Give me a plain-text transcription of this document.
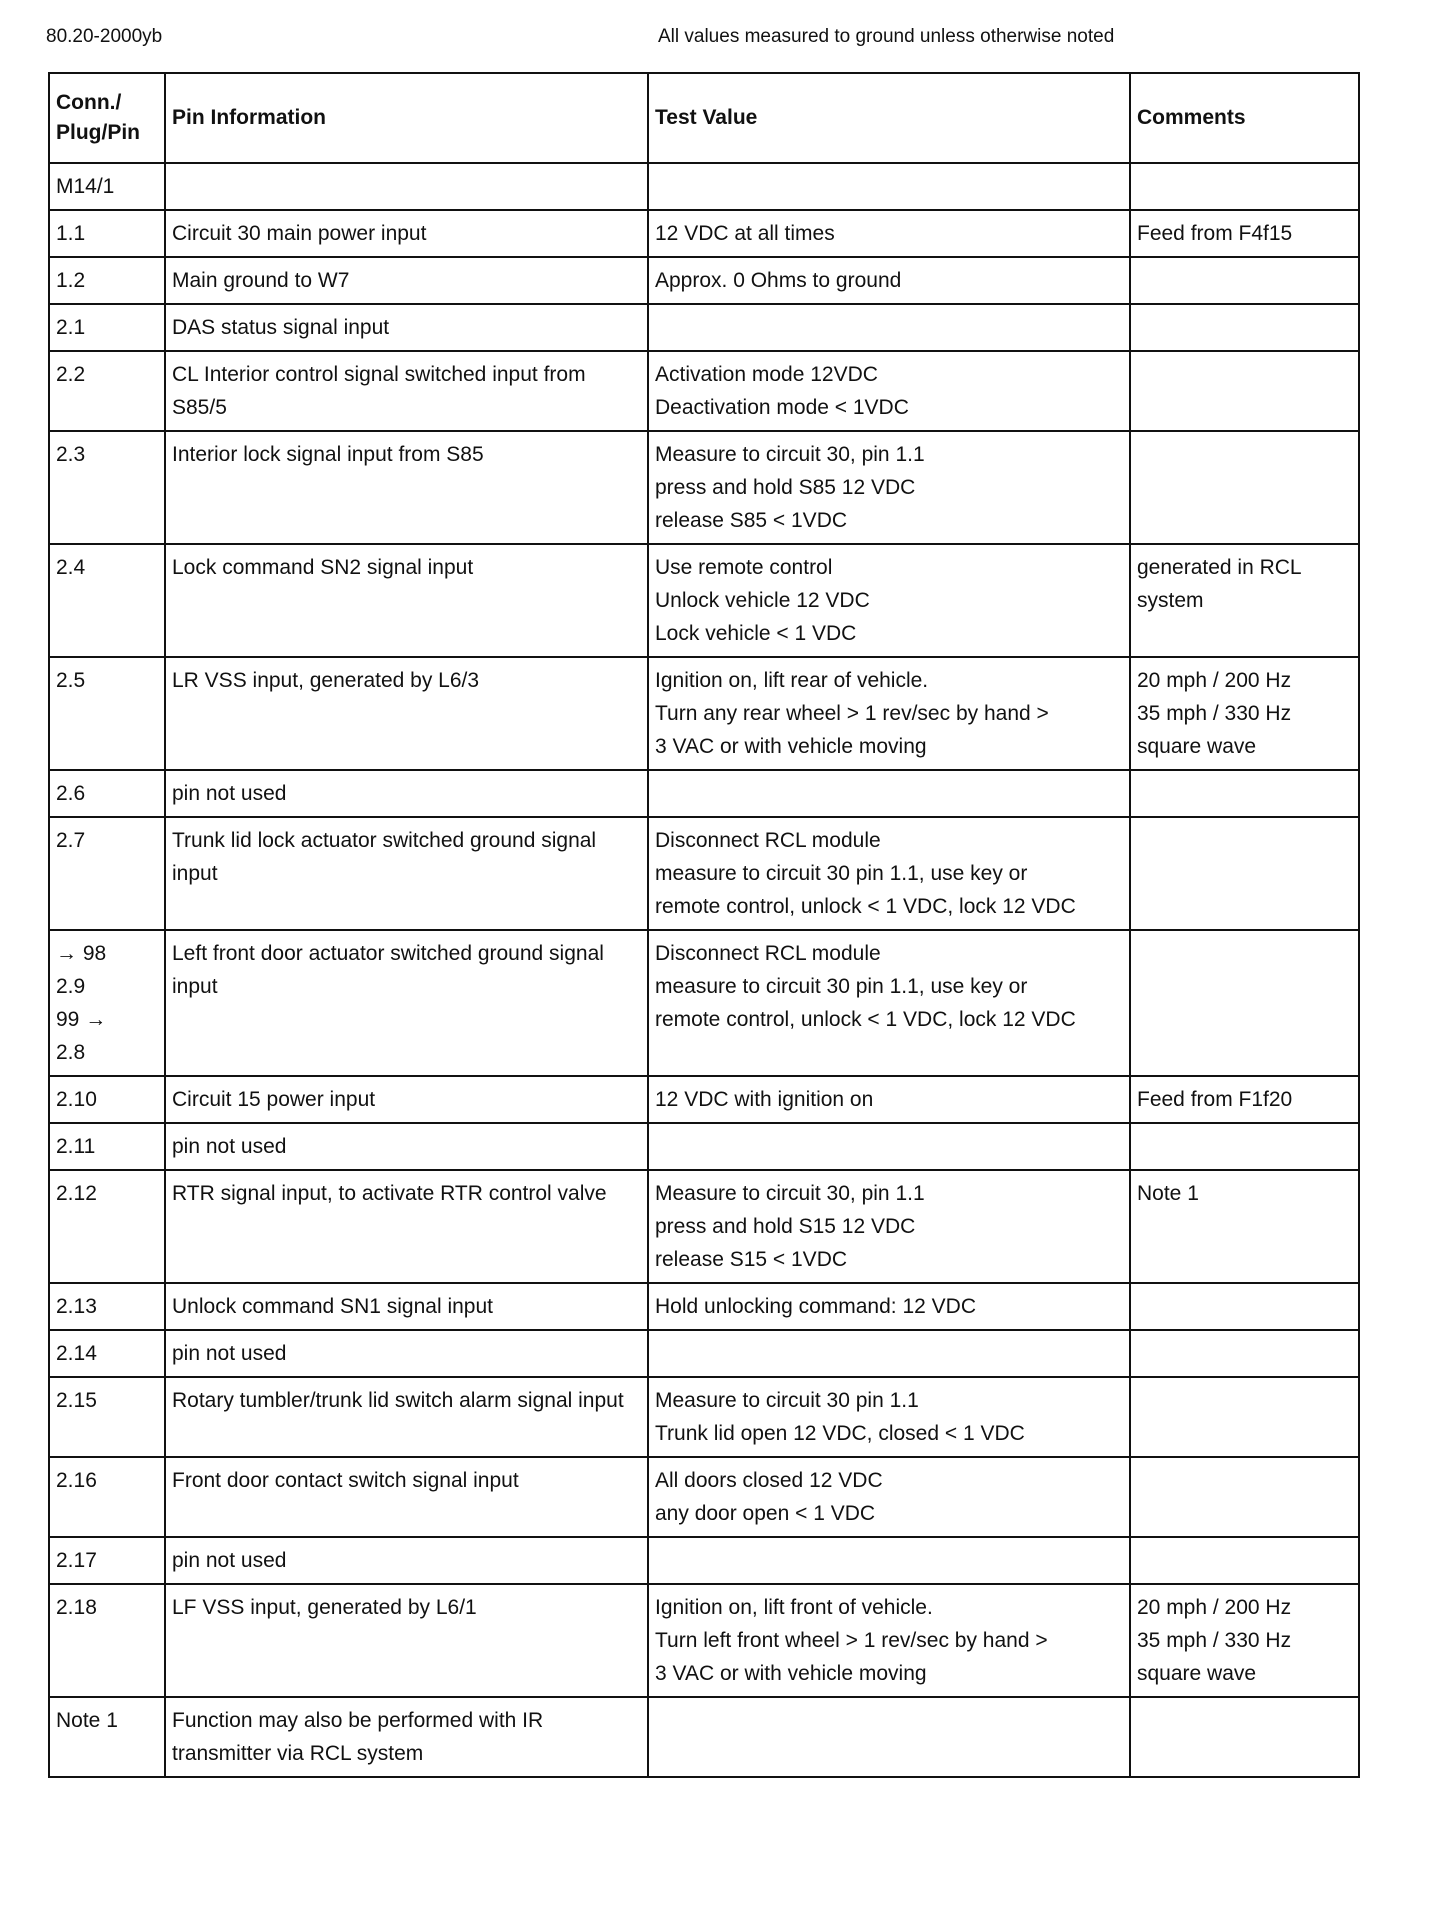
80.20-2000yb	All values measured to ground unless otherwise noted
Conn./
Plug/Pin	Pin Information	Test Value	Comments
M14/1			
1.1	Circuit 30 main power input	12 VDC at all times	Feed from F4f15
1.2	Main ground to W7	Approx. 0 Ohms to ground	
2.1	DAS status signal input		
2.2	CL Interior control signal switched input from S85/5	Activation mode 12VDC
Deactivation mode < 1VDC	
2.3	Interior lock signal input from S85	Measure to circuit 30, pin 1.1
press and hold S85 12 VDC
release S85 < 1VDC	
2.4	Lock command SN2 signal input	Use remote control
Unlock vehicle 12 VDC
Lock vehicle < 1 VDC	generated in RCL system
2.5	LR VSS input, generated by L6/3	Ignition on, lift rear of vehicle.
Turn any rear wheel > 1 rev/sec by hand >
3 VAC or with vehicle moving	20 mph / 200 Hz
35 mph / 330 Hz
square wave
2.6	pin not used		
2.7	Trunk lid lock actuator switched ground signal input	Disconnect RCL module
measure to circuit 30 pin 1.1, use key or
remote control, unlock < 1 VDC, lock 12 VDC	
→ 98
2.9
99 →
2.8	Left front door actuator switched ground signal input	Disconnect RCL module
measure to circuit 30 pin 1.1, use key or
remote control, unlock < 1 VDC, lock 12 VDC	
2.10	Circuit 15 power input	12 VDC with ignition on	Feed from F1f20
2.11	pin not used		
2.12	RTR signal input, to activate RTR control valve	Measure to circuit 30, pin 1.1
press and hold S15 12 VDC
release S15 < 1VDC	Note 1
2.13	Unlock command SN1 signal input	Hold unlocking command: 12 VDC	
2.14	pin not used		
2.15	Rotary tumbler/trunk lid switch alarm signal input	Measure to circuit 30 pin 1.1
Trunk lid open 12 VDC, closed < 1 VDC	
2.16	Front door contact switch signal input	All doors closed 12 VDC
any door open < 1 VDC	
2.17	pin not used		
2.18	LF VSS input, generated by L6/1	Ignition on, lift front of vehicle.
Turn left front wheel > 1 rev/sec by hand >
3 VAC or with vehicle moving	20 mph / 200 Hz
35 mph / 330 Hz
square wave
Note 1	Function may also be performed with IR transmitter via RCL system		
